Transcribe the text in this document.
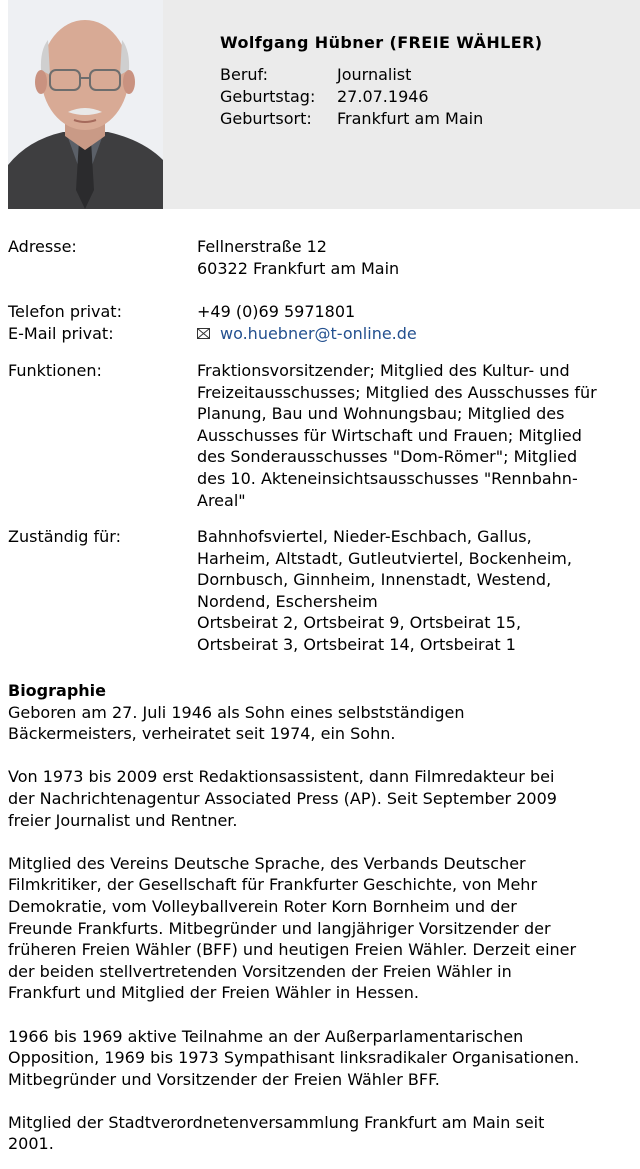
Wolfgang Hübner (FREIE WÄHLER)
Beruf:	Journalist
Geburtstag:	27.07.1946
Geburtsort:	Frankfurt am Main
Adresse:	Fellnerstraße 12
60322 Frankfurt am Main
Telefon privat:	+49 (0)69 5971801
E-Mail privat:	wo.huebner@t-online.de
Funktionen:	Fraktionsvorsitzender; Mitglied des Kultur- und
Freizeitausschusses; Mitglied des Ausschusses für
Planung, Bau und Wohnungsbau; Mitglied des
Ausschusses für Wirtschaft und Frauen; Mitglied
des Sonderausschusses "Dom-Römer"; Mitglied
des 10. Akteneinsichtsausschusses "Rennbahn-
Areal"
Zuständig für:	Bahnhofsviertel, Nieder-Eschbach, Gallus,
Harheim, Altstadt, Gutleutviertel, Bockenheim,
Dornbusch, Ginnheim, Innenstadt, Westend,
Nordend, Eschersheim
Ortsbeirat 2, Ortsbeirat 9, Ortsbeirat 15,
Ortsbeirat 3, Ortsbeirat 14, Ortsbeirat 1
Biographie

Geboren am 27. Juli 1946 als Sohn eines selbstständigen

Bäckermeisters, verheiratet seit 1974, ein Sohn.

Von 1973 bis 2009 erst Redaktionsassistent, dann Filmredakteur bei

der Nachrichtenagentur Associated Press (AP). Seit September 2009

freier Journalist und Rentner.

Mitglied des Vereins Deutsche Sprache, des Verbands Deutscher

Filmkritiker, der Gesellschaft für Frankfurter Geschichte, von Mehr

Demokratie, vom Volleyballverein Roter Korn Bornheim und der

Freunde Frankfurts. Mitbegründer und langjähriger Vorsitzender der

früheren Freien Wähler (BFF) und heutigen Freien Wähler. Derzeit einer

der beiden stellvertretenden Vorsitzenden der Freien Wähler in

Frankfurt und Mitglied der Freien Wähler in Hessen.

1966 bis 1969 aktive Teilnahme an der Außerparlamentarischen

Opposition, 1969 bis 1973 Sympathisant linksradikaler Organisationen.

Mitbegründer und Vorsitzender der Freien Wähler BFF.

Mitglied der Stadtverordnetenversammlung Frankfurt am Main seit

2001.
